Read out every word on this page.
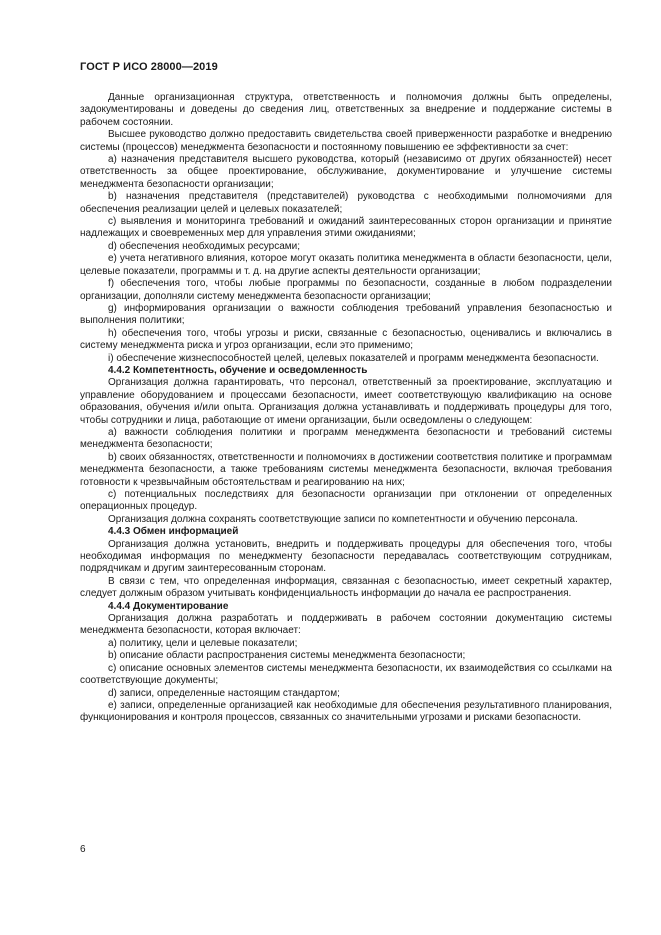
ГОСТ Р ИСО 28000—2019

Данные организационная структура, ответственность и полномочия должны быть определены, задокументированы и доведены до сведения лиц, ответственных за внедрение и поддержание системы в рабочем состоянии.

Высшее руководство должно предоставить свидетельства своей приверженности разработке и внедрению системы (процессов) менеджмента безопасности и постоянному повышению ее эффективности за счет:

a) назначения представителя высшего руководства, который (независимо от других обязанностей) несет ответственность за общее проектирование, обслуживание, документирование и улучшение системы менеджмента безопасности организации;

b) назначения представителя (представителей) руководства с необходимыми полномочиями для обеспечения реализации целей и целевых показателей;

c) выявления и мониторинга требований и ожиданий заинтересованных сторон организации и принятие надлежащих и своевременных мер для управления этими ожиданиями;

d) обеспечения необходимых ресурсами;

e) учета негативного влияния, которое могут оказать политика менеджмента в области безопасности, цели, целевые показатели, программы и т. д. на другие аспекты деятельности организации;

f) обеспечения того, чтобы любые программы по безопасности, созданные в любом подразделении организации, дополняли систему менеджмента безопасности организации;

g) информирования организации о важности соблюдения требований управления безопасностью и выполнения политики;

h) обеспечения того, чтобы угрозы и риски, связанные с безопасностью, оценивались и включались в систему менеджмента риска и угроз организации, если это применимо;

i) обеспечение жизнеспособностей целей, целевых показателей и программ менеджмента безопасности.

4.4.2 Компетентность, обучение и осведомленность

Организация должна гарантировать, что персонал, ответственный за проектирование, эксплуатацию и управление оборудованием и процессами безопасности, имеет соответствующую квалификацию на основе образования, обучения и/или опыта. Организация должна устанавливать и поддерживать процедуры для того, чтобы сотрудники и лица, работающие от имени организации, были осведомлены о следующем:

a) важности соблюдения политики и программ менеджмента безопасности и требований системы менеджмента безопасности;

b) своих обязанностях, ответственности и полномочиях в достижении соответствия политике и программам менеджмента безопасности, а также требованиям системы менеджмента безопасности, включая требования готовности к чрезвычайным обстоятельствам и реагированию на них;

c) потенциальных последствиях для безопасности организации при отклонении от определенных операционных процедур.

Организация должна сохранять соответствующие записи по компетентности и обучению персонала.

4.4.3 Обмен информацией

Организация должна установить, внедрить и поддерживать процедуры для обеспечения того, чтобы необходимая информация по менеджменту безопасности передавалась соответствующим сотрудникам, подрядчикам и другим заинтересованным сторонам.

В связи с тем, что определенная информация, связанная с безопасностью, имеет секретный характер, следует должным образом учитывать конфиденциальность информации до начала ее распространения.

4.4.4 Документирование

Организация должна разработать и поддерживать в рабочем состоянии документацию системы менеджмента безопасности, которая включает:

a) политику, цели и целевые показатели;

b) описание области распространения системы менеджмента безопасности;

c) описание основных элементов системы менеджмента безопасности, их взаимодействия со ссылками на соответствующие документы;

d) записи, определенные настоящим стандартом;

e) записи, определенные организацией как необходимые для обеспечения результативного планирования, функционирования и контроля процессов, связанных со значительными угрозами и рисками безопасности.

6
